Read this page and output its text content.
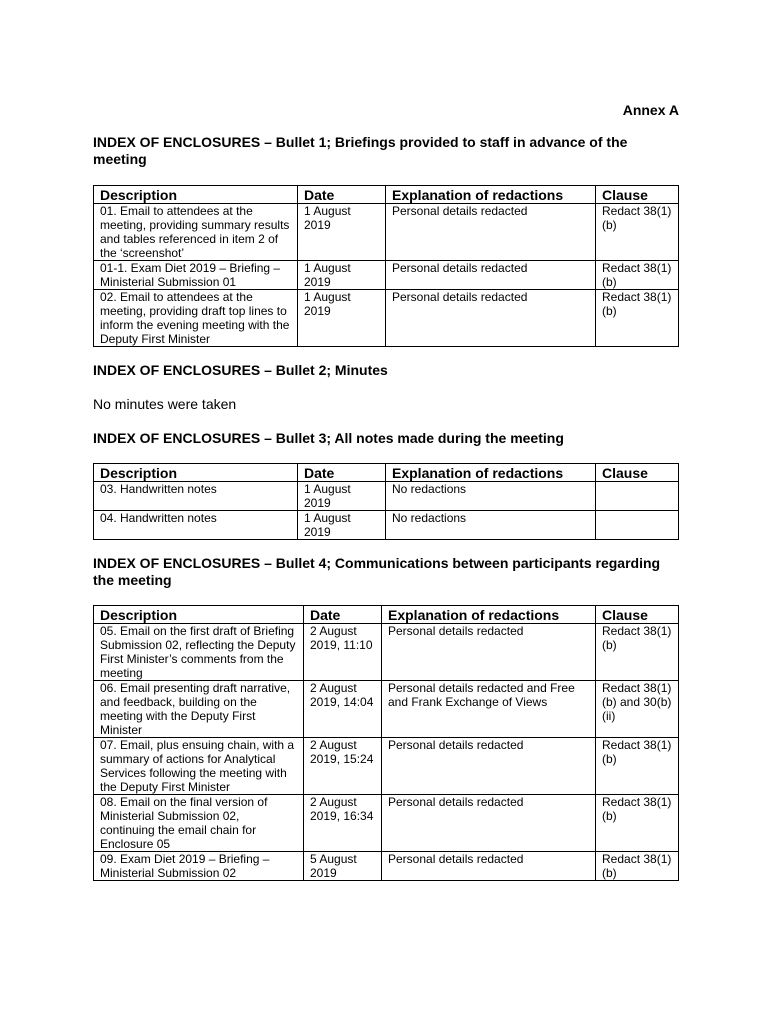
Annex A
INDEX OF ENCLOSURES – Bullet 1; Briefings provided to staff in advance of the meeting
Description	Date	Explanation of redactions	Clause
01. Email to attendees at the meeting, providing summary results and tables referenced in item 2 of the ‘screenshot’	1 August 2019	Personal details redacted	Redact 38(1)(b)
01-1. Exam Diet 2019 – Briefing – Ministerial Submission 01	1 August 2019	Personal details redacted	Redact 38(1)(b)
02. Email to attendees at the meeting, providing draft top lines to inform the evening meeting with the Deputy First Minister	1 August 2019	Personal details redacted	Redact 38(1)(b)
INDEX OF ENCLOSURES – Bullet 2; Minutes

No minutes were taken

INDEX OF ENCLOSURES – Bullet 3; All notes made during the meeting
Description	Date	Explanation of redactions	Clause
03. Handwritten notes	1 August 2019	No redactions	
04. Handwritten notes	1 August 2019	No redactions	
INDEX OF ENCLOSURES – Bullet 4; Communications between participants regarding the meeting
Description	Date	Explanation of redactions	Clause
05. Email on the first draft of Briefing Submission 02, reflecting the Deputy First Minister’s comments from the meeting	2 August 2019, 11:10	Personal details redacted	Redact 38(1)(b)
06. Email presenting draft narrative, and feedback, building on the meeting with the Deputy First Minister	2 August 2019, 14:04	Personal details redacted and Free and Frank Exchange of Views	Redact 38(1)(b) and 30(b)(ii)
07. Email, plus ensuing chain, with a summary of actions for Analytical Services following the meeting with the Deputy First Minister	2 August 2019, 15:24	Personal details redacted	Redact 38(1)(b)
08. Email on the final version of Ministerial Submission 02, continuing the email chain for Enclosure 05	2 August 2019, 16:34	Personal details redacted	Redact 38(1)(b)
09. Exam Diet 2019 – Briefing – Ministerial Submission 02	5 August 2019	Personal details redacted	Redact 38(1)(b)
